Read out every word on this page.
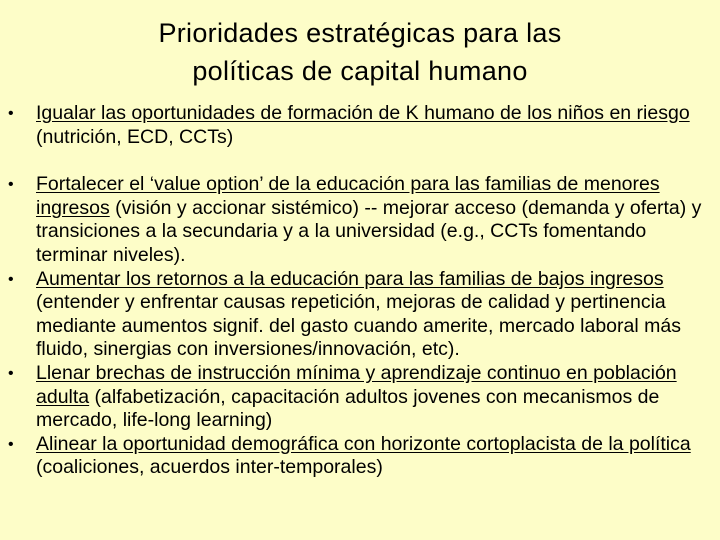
Prioridades estratégicas para las
políticas de capital humano
•	Igualar las oportunidades de formación de K humano de los niños en riesgo (nutrición, ECD, CCTs)
•	Fortalecer el ‘value option’ de la educación para las familias de menores ingresos (visión y accionar sistémico) -- mejorar acceso (demanda y oferta) y transiciones a la secundaria y a la universidad (e.g., CCTs fomentando terminar niveles).
•	Aumentar los retornos a la educación para las familias de bajos ingresos (entender y enfrentar causas repetición, mejoras de calidad y pertinencia mediante aumentos signif. del gasto cuando amerite, mercado laboral más fluido, sinergias con inversiones/innovación, etc).
•	Llenar brechas de instrucción mínima y aprendizaje continuo en población adulta (alfabetización, capacitación adultos jovenes con mecanismos de mercado, life-long learning)
•	Alinear la oportunidad demográfica con horizonte cortoplacista de la política (coaliciones, acuerdos inter-temporales)
